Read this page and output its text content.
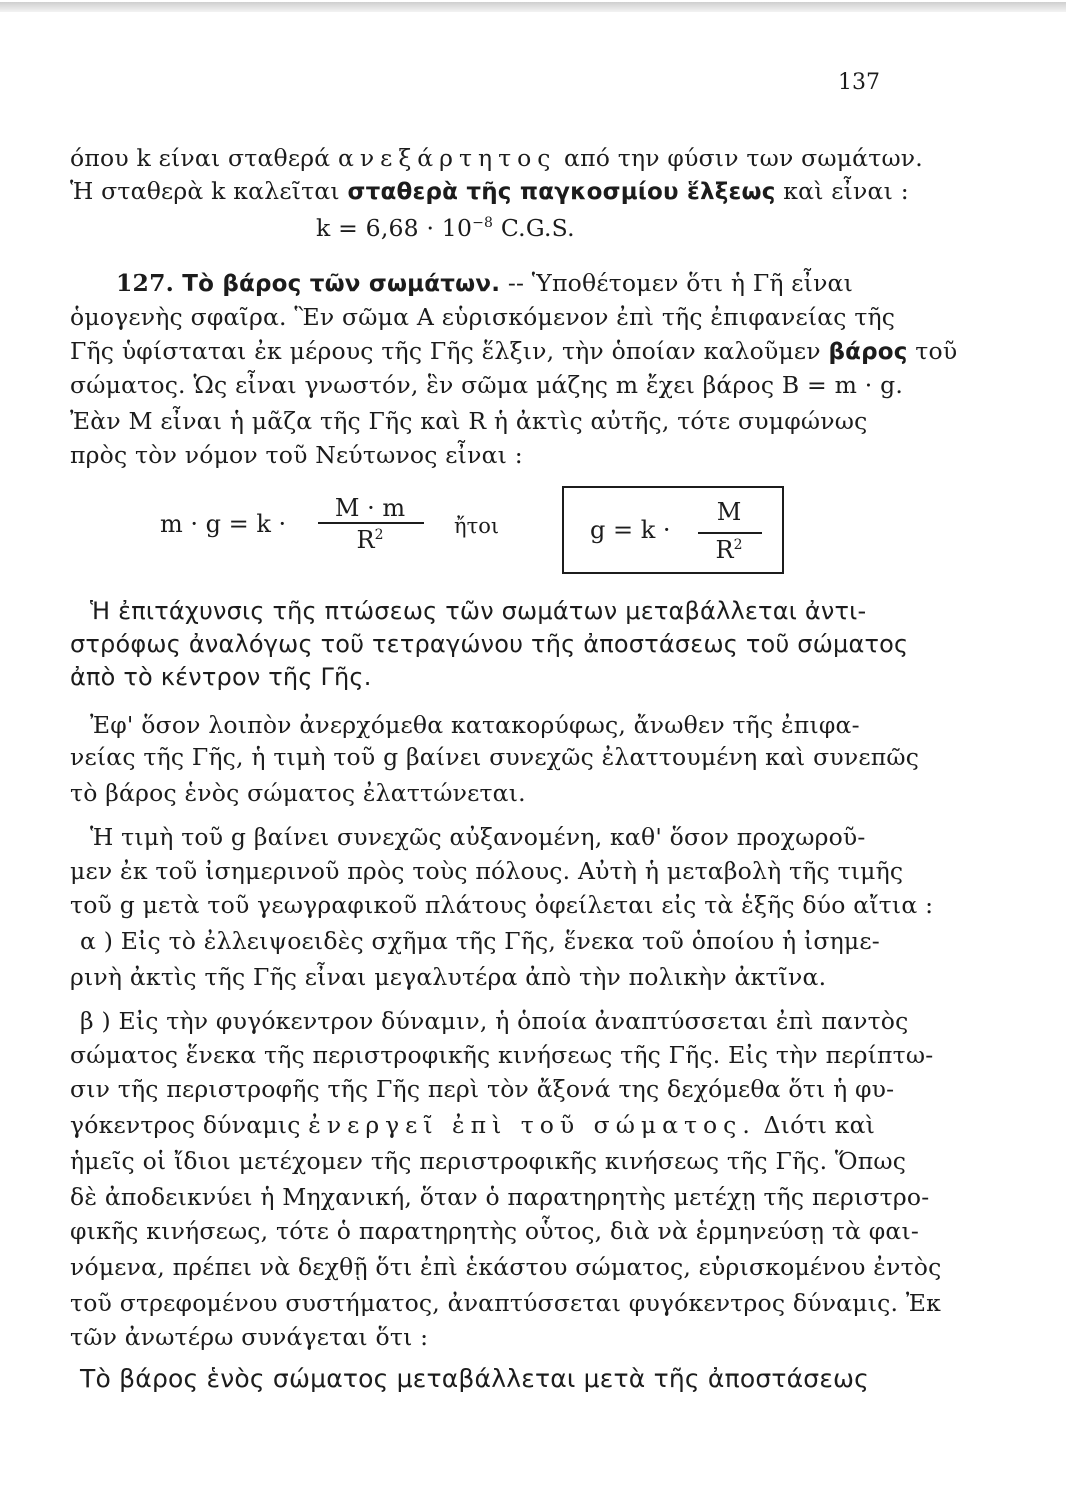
137
όπου k είναι σταθερά ανεξάρτητος από την φύσιν των σωμάτων.
Ἡ σταθερὰ k καλεῖται σταθερὰ τῆς παγκοσμίου ἕλξεως καὶ εἶναι :
$k = 6,68 \cdot 10^{-8}$ C.G.S.
127. Τὸ βάρος τῶν σωμάτων. -- Ὑποθέτομεν ὅτι ἡ Γῆ εἶναι
ὁμογενὴς σφαῖρα. Ἓν σῶμα Α εὑρισκόμενον ἐπὶ τῆς ἐπιφανείας τῆς
Γῆς ὑφίσταται ἐκ μέρους τῆς Γῆς ἕλξιν, τὴν ὁποίαν καλοῦμεν βάρος τοῦ
σώματος. Ὡς εἶναι γνωστόν, ἓν σῶμα μάζης m ἔχει βάρος Β = m · g.
Ἐὰν Μ εἶναι ἡ μᾶζα τῆς Γῆς καὶ R ἡ ἀκτὶς αὐτῆς, τότε συμφώνως
πρὸς τὸν νόμον τοῦ Νεύτωνος εἶναι :
m · g = k ·
M · m
$R^2$	ἤτοι	g = k ·
M
$R^2$
Ἡ ἐπιτάχυνσις τῆς πτώσεως τῶν σωμάτων μεταβάλλεται ἀντι-
στρόφως ἀναλόγως τοῦ τετραγώνου τῆς ἀποστάσεως τοῦ σώματος
ἀπὸ τὸ κέντρον τῆς Γῆς.
Ἐφ' ὅσον λοιπὸν ἀνερχόμεθα κατακορύφως, ἄνωθεν τῆς ἐπιφα-
νείας τῆς Γῆς, ἡ τιμὴ τοῦ g βαίνει συνεχῶς ἐλαττουμένη καὶ συνεπῶς
τὸ βάρος ἑνὸς σώματος ἐλαττώνεται.
Ἡ τιμὴ τοῦ g βαίνει συνεχῶς αὐξανομένη, καθ' ὅσον προχωροῦ-
μεν ἐκ τοῦ ἰσημερινοῦ πρὸς τοὺς πόλους. Αὐτὴ ἡ μεταβολὴ τῆς τιμῆς
τοῦ g μετὰ τοῦ γεωγραφικοῦ πλάτους ὀφείλεται εἰς τὰ ἑξῆς δύο αἴτια :
α ) Εἰς τὸ ἐλλειψοειδὲς σχῆμα τῆς Γῆς, ἕνεκα τοῦ ὁποίου ἡ ἰσημε-
ρινὴ ἀκτὶς τῆς Γῆς εἶναι μεγαλυτέρα ἀπὸ τὴν πολικὴν ἀκτῖνα.
β ) Εἰς τὴν φυγόκεντρον δύναμιν, ἡ ὁποία ἀναπτύσσεται ἐπὶ παντὸς
σώματος ἕνεκα τῆς περιστροφικῆς κινήσεως τῆς Γῆς. Εἰς τὴν περίπτω-
σιν τῆς περιστροφῆς τῆς Γῆς περὶ τὸν ἄξονά της δεχόμεθα ὅτι ἡ φυ-
γόκεντρος δύναμις ἐνεργεῖ ἐπὶ τοῦ σώματος. Διότι καὶ
ἡμεῖς οἱ ἴδιοι μετέχομεν τῆς περιστροφικῆς κινήσεως τῆς Γῆς. Ὅπως
δὲ ἀποδεικνύει ἡ Μηχανική, ὅταν ὁ παρατηρητὴς μετέχῃ τῆς περιστρο-
φικῆς κινήσεως, τότε ὁ παρατηρητὴς οὗτος, διὰ νὰ ἑρμηνεύσῃ τὰ φαι-
νόμενα, πρέπει νὰ δεχθῇ ὅτι ἐπὶ ἑκάστου σώματος, εὑρισκομένου ἐντὸς
τοῦ στρεφομένου συστήματος, ἀναπτύσσεται φυγόκεντρος δύναμις. Ἐκ
τῶν ἀνωτέρω συνάγεται ὅτι :
Τὸ βάρος ἑνὸς σώματος μεταβάλλεται μετὰ τῆς ἀποστάσεως
